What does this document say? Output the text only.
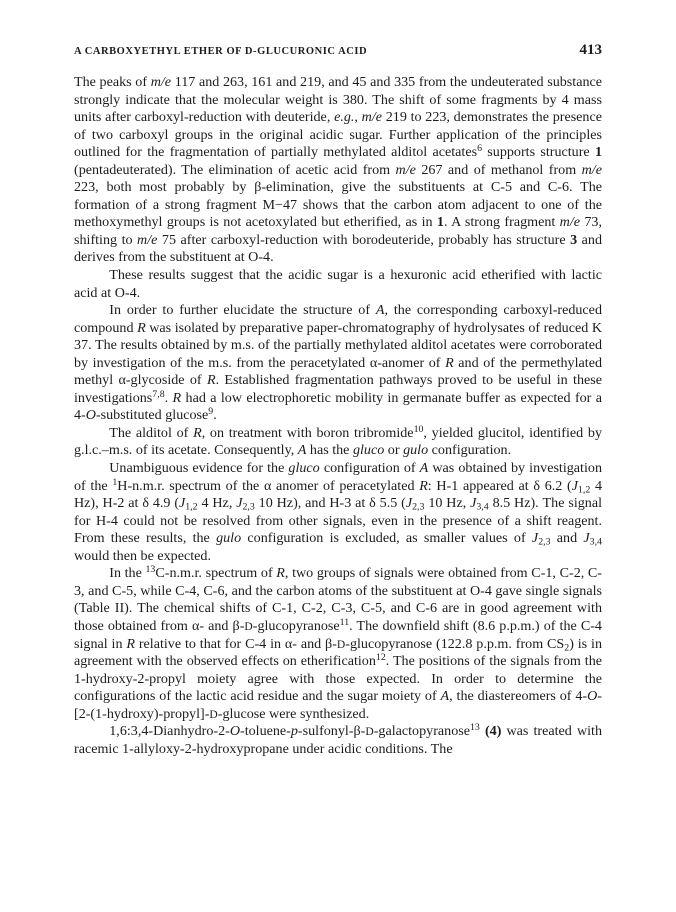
A CARBOXYETHYL ETHER OF D-GLUCURONIC ACID	413

The peaks of m/e 117 and 263, 161 and 219, and 45 and 335 from the undeuterated substance strongly indicate that the molecular weight is 380. The shift of some fragments by 4 mass units after carboxyl-reduction with deuteride, e.g., m/e 219 to 223, demonstrates the presence of two carboxyl groups in the original acidic sugar. Further application of the principles outlined for the fragmentation of partially methylated alditol acetates$^6$ supports structure 1 (pentadeuterated). The elimination of acetic acid from m/e 267 and of methanol from m/e 223, both most probably by β-elimination, give the substituents at C-5 and C-6. The formation of a strong fragment M−47 shows that the carbon atom adjacent to one of the methoxymethyl groups is not acetoxylated but etherified, as in 1. A strong fragment m/e 73, shifting to m/e 75 after carboxyl-reduction with borodeuteride, probably has structure 3 and derives from the substituent at O-4.

These results suggest that the acidic sugar is a hexuronic acid etherified with lactic acid at O-4.

In order to further elucidate the structure of A, the corresponding carboxyl-reduced compound R was isolated by preparative paper-chromatography of hydrolysates of reduced K 37. The results obtained by m.s. of the partially methylated alditol acetates were corroborated by investigation of the m.s. from the peracetylated α-anomer of R and of the permethylated methyl α-glycoside of R. Established fragmentation pathways proved to be useful in these investigations$^{7,8}$. R had a low electrophoretic mobility in germanate buffer as expected for a 4-O-substituted glucose$^9$.

The alditol of R, on treatment with boron tribromide$^{10}$, yielded glucitol, identified by g.l.c.–m.s. of its acetate. Consequently, A has the gluco or gulo configuration.

Unambiguous evidence for the gluco configuration of A was obtained by investigation of the $^1$H-n.m.r. spectrum of the α anomer of peracetylated R: H-1 appeared at δ 6.2 ($J_{1,2}$ 4 Hz), H-2 at δ 4.9 ($J_{1,2}$ 4 Hz, $J_{2,3}$ 10 Hz), and H-3 at δ 5.5 ($J_{2,3}$ 10 Hz, $J_{3,4}$ 8.5 Hz). The signal for H-4 could not be resolved from other signals, even in the presence of a shift reagent. From these results, the gulo configuration is excluded, as smaller values of $J_{2,3}$ and $J_{3,4}$ would then be expected.

In the $^{13}$C-n.m.r. spectrum of R, two groups of signals were obtained from C-1, C-2, C-3, and C-5, while C-4, C-6, and the carbon atoms of the substituent at O-4 gave single signals (Table II). The chemical shifts of C-1, C-2, C-3, C-5, and C-6 are in good agreement with those obtained from α- and β-D-glucopyranose$^{11}$. The downfield shift (8.6 p.p.m.) of the C-4 signal in R relative to that for C-4 in α- and β-D-glucopyranose (122.8 p.p.m. from $CS_2$) is in agreement with the observed effects on etherification$^{12}$. The positions of the signals from the 1-hydroxy-2-propyl moiety agree with those expected. In order to determine the configurations of the lactic acid residue and the sugar moiety of A, the diastereomers of 4-O-[2-(1-hydroxy)-propyl]-D-glucose were synthesized.

1,6:3,4-Dianhydro-2-O-toluene-p-sulfonyl-β-D-galactopyranose$^{13}$ (4) was treated with racemic 1-allyloxy-2-hydroxypropane under acidic conditions. The
